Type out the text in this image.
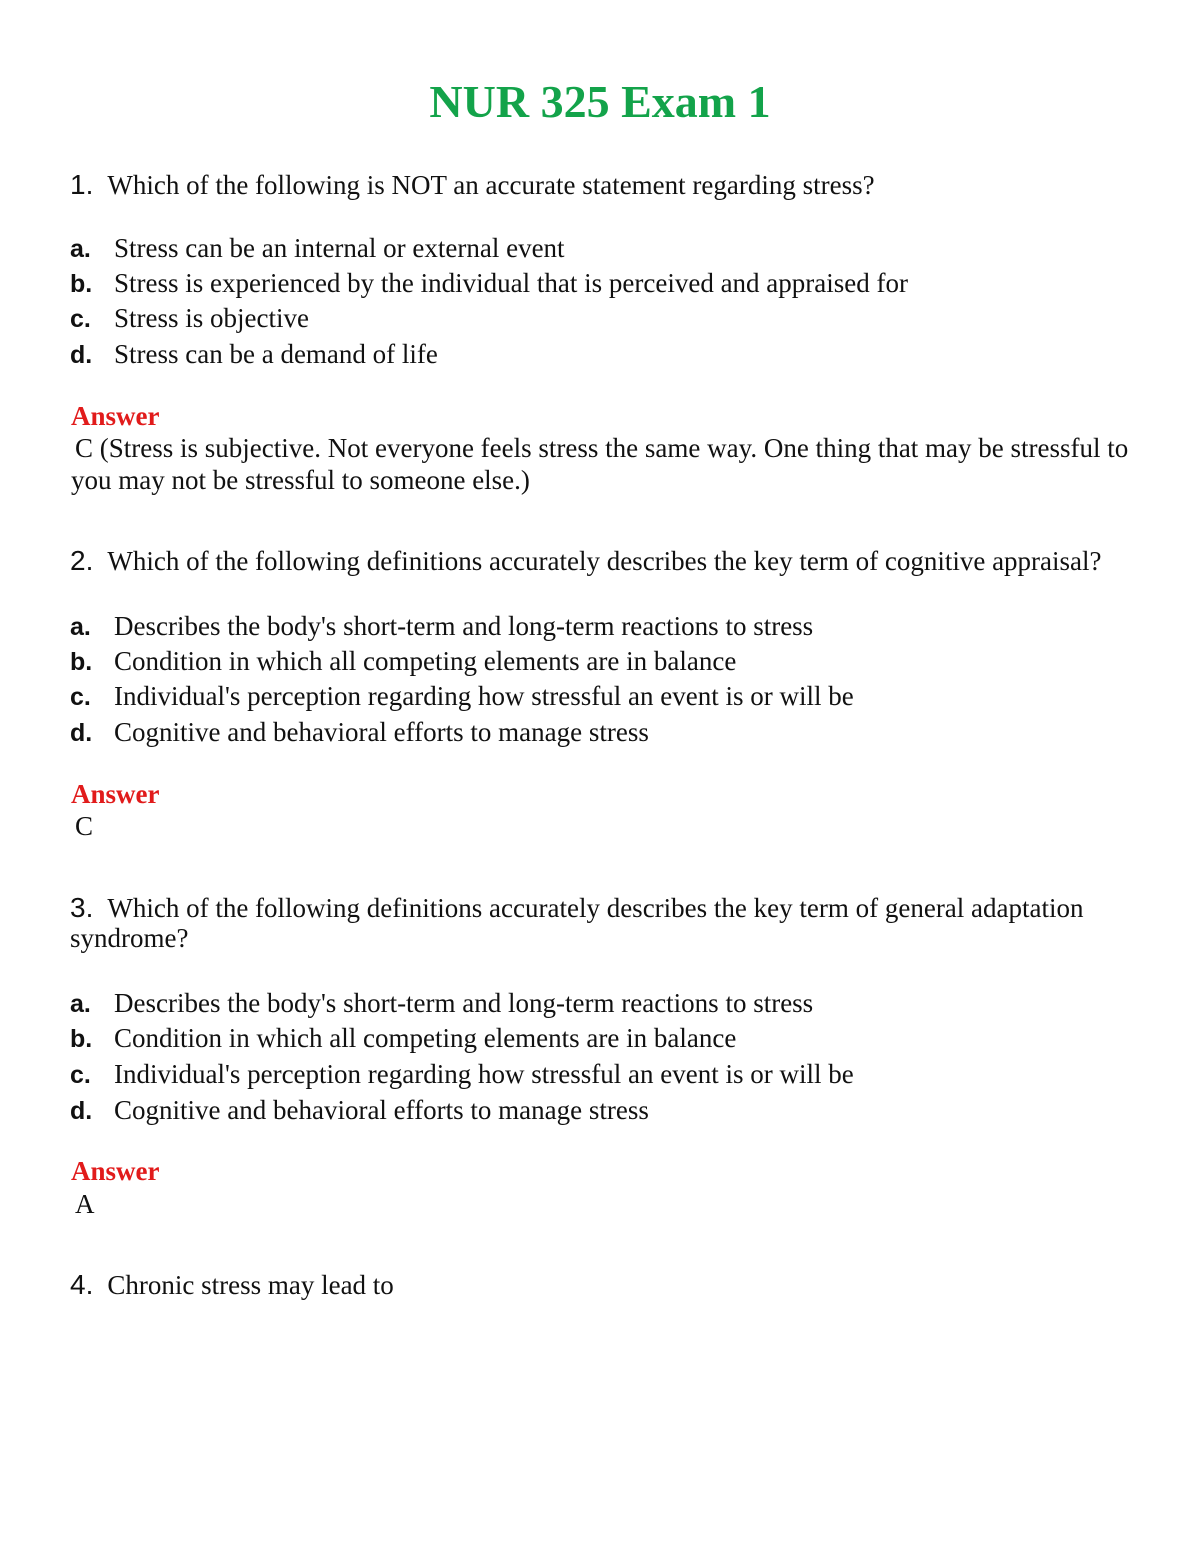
NUR 325 Exam 1
1. Which of the following is NOT an accurate statement regarding stress?
a. Stress can be an internal or external event
b. Stress is experienced by the individual that is perceived and appraised for
c. Stress is objective
d. Stress can be a demand of life
Answer
C (Stress is subjective. Not everyone feels stress the same way. One thing that may be stressful to you may not be stressful to someone else.)
2. Which of the following definitions accurately describes the key term of cognitive appraisal?
a. Describes the body's short-term and long-term reactions to stress
b. Condition in which all competing elements are in balance
c. Individual's perception regarding how stressful an event is or will be
d. Cognitive and behavioral efforts to manage stress
Answer
C
3. Which of the following definitions accurately describes the key term of general adaptation syndrome?
a. Describes the body's short-term and long-term reactions to stress
b. Condition in which all competing elements are in balance
c. Individual's perception regarding how stressful an event is or will be
d. Cognitive and behavioral efforts to manage stress
Answer
A
4. Chronic stress may lead to
